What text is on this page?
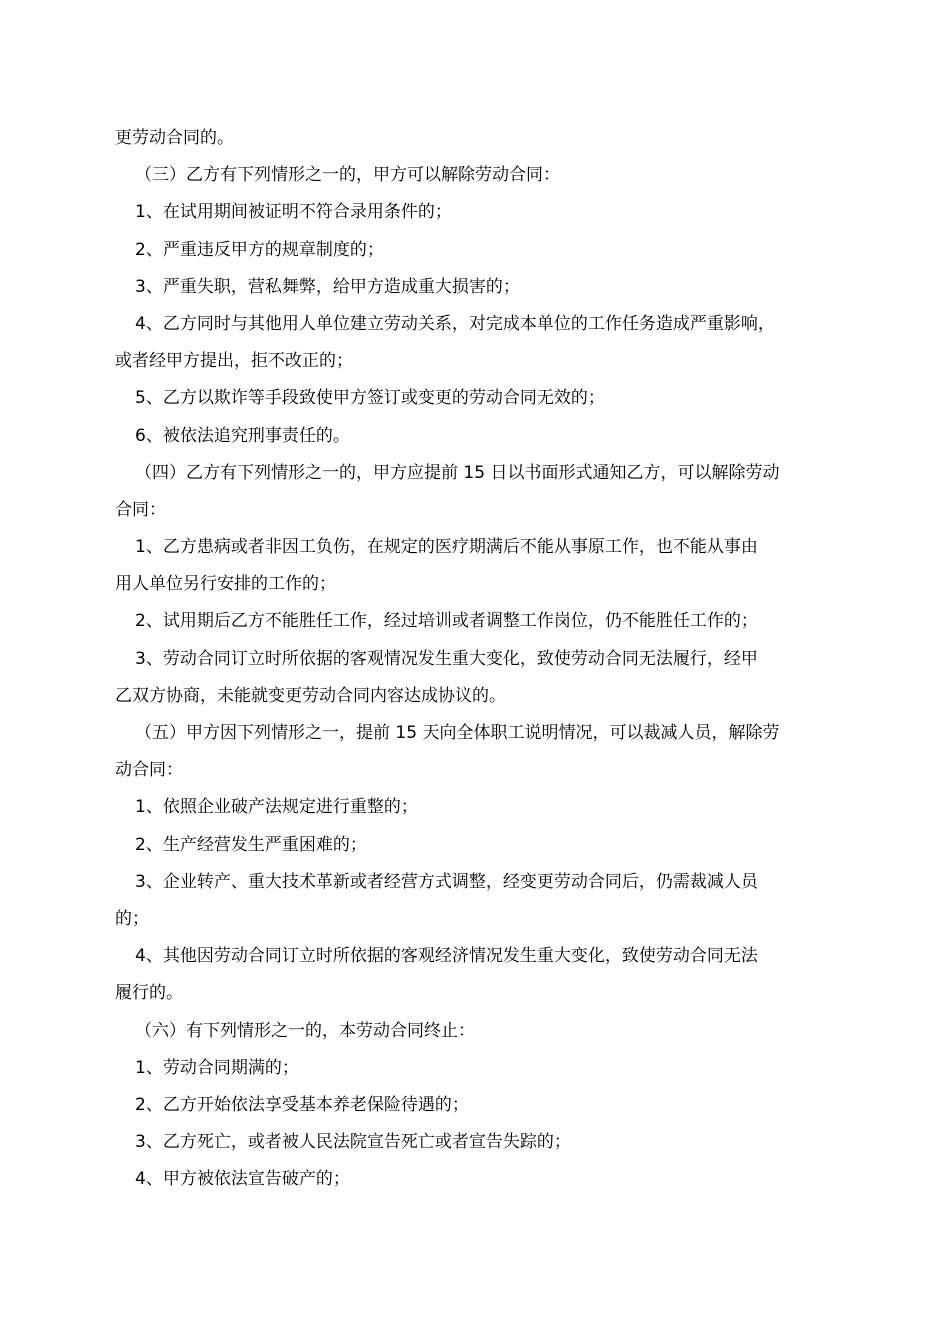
更劳动合同的。
（三）乙方有下列情形之一的，甲方可以解除劳动合同：
1、在试用期间被证明不符合录用条件的；
2、严重违反甲方的规章制度的；
3、严重失职，营私舞弊，给甲方造成重大损害的；
4、乙方同时与其他用人单位建立劳动关系，对完成本单位的工作任务造成严重影响，
或者经甲方提出，拒不改正的；
5、乙方以欺诈等手段致使甲方签订或变更的劳动合同无效的；
6、被依法追究刑事责任的。
（四）乙方有下列情形之一的，甲方应提前 15 日以书面形式通知乙方，可以解除劳动
合同：
1、乙方患病或者非因工负伤，在规定的医疗期满后不能从事原工作，也不能从事由
用人单位另行安排的工作的；
2、试用期后乙方不能胜任工作，经过培训或者调整工作岗位，仍不能胜任工作的；
3、劳动合同订立时所依据的客观情况发生重大变化，致使劳动合同无法履行，经甲
乙双方协商，未能就变更劳动合同内容达成协议的。
（五）甲方因下列情形之一，提前 15 天向全体职工说明情况，可以裁减人员，解除劳
动合同：
1、依照企业破产法规定进行重整的；
2、生产经营发生严重困难的；
3、企业转产、重大技术革新或者经营方式调整，经变更劳动合同后，仍需裁减人员
的；
4、其他因劳动合同订立时所依据的客观经济情况发生重大变化，致使劳动合同无法
履行的。
（六）有下列情形之一的，本劳动合同终止：
1、劳动合同期满的；
2、乙方开始依法享受基本养老保险待遇的；
3、乙方死亡，或者被人民法院宣告死亡或者宣告失踪的；
4、甲方被依法宣告破产的；
